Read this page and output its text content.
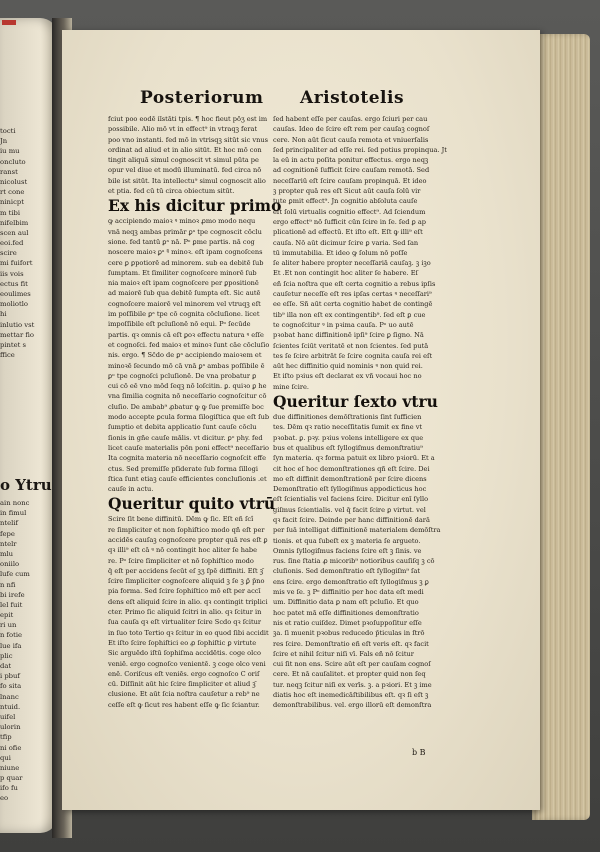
tocti
Jn
iu mu
oncluto
ranst
nicolust
rt cone
ninicpt
m tibi
nifelbim
scen aul
eoi.fed
scire
mi fuifort
iis vois
ectus fit
eoulimes
moliotlo
hi
inlutio vst
mettar fio
pintet s
ffice
o Ytru
ain nonc
in fimul
ntelif
fepe
ntelr
mlu
oniilo
lufe cum
n nfi
bi irefe
lel fuit
epit
ri un
n fotie
lue ifa
plic
dat
i pbuf
fo sita
lnanc
ntuid.
uifel
ulorin
tfip
ni ofie
qui
niune
p quar
ifo fu
eo
Posteriorum Aristotelis
fciut poo eodē iīstāti tpis. ¶ hoc fieut pōʒ est im
possibile. Alio mō vt in effect⁹ in vtraqꝫ ferat
poo vno instanti. fed mō in vtrisqꝫ sitūt sic vnus
ordinat ad aliud et in alio sitūt. Et hoc mō con
tingit aliquā simul cognoscit vt simul pūta pe
opur vel diue et modū illuminatū. fed circa nō
bile ist sitūt. Ita intellectu⁹ simul cognoscit alio
et ptia. fed cū tū circa obiectum sitūt.
Ex his dicitur primo
ꝙ accipiendo maioꝛ ꝰ minoꝛ ꝓmo modo nequ
vnā neqꝫ ambas primār ꝑᵃ tpe cognoscit cōclu
sione. fed tantū ꝑᵃ nā. Pᵒ ꝑme partis. nā cog
noscere maioꝛ ꝑᵃ ꝰ̄ minoꝛ. eſt ipam cognoſcens
cere ꝑ ꝑpotiorē ad minorem. sub ea debitē ſub
ſumptam. Et ſimiliter cognoſcere minorē ſub
nia maioꝛ eſt ipam cognoſcere per ꝑpositionē
ad maiorē ſub qua debitē ſumpta eſt. Sic autē
cognoſcere maiorē vel minorem vel vtruqꝫ eſt
im poſſibile ꝑᵃ tpe cō cognita cōcluſione. licet
impoſſibile eſt pcluſionē nō equi. Pᵒ ſecūde
partis. qꝛ omnis cā eſt ꝑoꝛ effectu natura ꝰ eſſe
et cognoſci. fed maioꝛ et minoꝛ ſunt cāe cōcluſio
nis. ergo. ¶ Sc̄do de ꝑᵃ accipiendo maioꝛem et
minoꝛē ſecundo mō cā vnā ꝑᵃ ambas poſſibile ē
ꝑᵒ tpe cognoſci pcluſionē. De vna probatur ꝑ
cui cō eē vno mōd ſeqꝫ nō loſcitin. ꝑ. quiꝛo ꝑ he
vna ſimilia cognita nō neceſſario cognoſcitur cō
cluſio. De ambab⁹ ꝓbatur ꝙ ꝙ ſue premiſſe boc
modo accepte ꝑcula forma ſilogiſtica que eſt ſub
ſumptio et debita applicatio ſunt cauſe cōclu
ſionis in gñe cauſe mālis. vt dicitur. ꝑᵒ phy. fed
licet cauſe materialis pōn poni effect⁹ neceſſario
Ita cognita materia nō neceſſario cognoſcit effe
ctus. Sed premiſſe pſiderate ſub forma ſillogi
ſtica ſunt etiaꝫ cauſe efficientes concluſionis .et
cauſe in actu.
Queritur quito vtrū
Scire ſit bene diffinitū. Dēm ꝙ ſic. Eſt eñ ſci̇̄
re ſimpliciter et non ſophiſtico modo qñ eſt per
accidēs cauſaꝫ cognoſcere propter quā res eſt ꝑ
qꝛ illi⁹ eſt cā ꝰ nō contingit hoc aliter ſe habe
re. Pᵒ ſcire ſimpliciter et nō ſophiſtico modo
q̄ eſt per accidens ſecūt eſ ꝫʒ ſpē diffiniti. Eſt ꝫ̄
ſcire ſimpliciter cognoſcere aliquid ꝫ ſe ꝫ ꝑ̄ p̄no
pia forma. Sed ſcire ſophiſtico mō eſt per accī
dens eſt aliquid ſcire in alio. qꝛ contingit triplici
cter. Primo ſic aliquid ſcitri in alio. qꝛ ſcitur in
ſua cauſa qꝛ eſt virtualiter ſcire Scdo qꝛ ſcitur
in ſuo toto Tertio qꝛ ſcitur in eo quod ſibi accidit
Et iſto ſcire ſophiſtici eo ꝓ ſophiſtic ꝑ virtute
Sic arguēdo iſtū ſophiſma accidētis. coge olco
veniē. ergo cognoſco venientē. ꝫ coge olco veni
enē. Coriſcus eſt veniēs. ergo cognoſco C oriſ
cū. Diſſinit aūt hic ſcire ſimpliciter et aliud ꝫ̄
clusione. Et aūt ſcia noſtra cauſetur a reb⁹ ne
ceſſe eſt ꝙ ſicut res habent eſſe ꝙ ſic ſciantur.
ſed habent eſſe per cauſas. ergo ſciuri per cau
cauſas. Ideo de ſcire eſt rem per cauſaꝫ cognoſ
cere. Non aūt ſicut cauſa remota et vniuerſalis
ſed principaliter ad eſſe rei. ſed potius propinqua. Jt
la eū in actu poſita ponitur effectus. ergo neqꝫ
ad cognitionē ſufficit ſcire cauſam remotā. Sed
neceſſariū eſt ſcire cauſam propinquā. Et ideo
ꝫ propter quā res eſt Sicut aūt cauſa ſolū vir
tute ꝑmit effect⁹. Jn cognitio abſoluta cauſe
eſt ſolū virtualis cognitio effect⁹. Ad ſciendum
ergo effect⁹ nō ſufficit cūn ſcire in ſe. ſed ꝑ ap
plicationē ad effectū. Et iſto eſt. Eſt ꝙ illi⁹ eſt
cauſa. Nō aūt dicimur ſcire ꝑ varia. Sed ſan
tū immutabilia. Et ideo ꝙ ſolum nō poſſe
ſe aliter habere propter neceſſariā cauſaꝫ. ꝫ iꝫo
Et .Et non contingit hoc aliter ſe habere. Eſ
eñ ſcia noſtra que eſt certa cognitio a rebus ipſis
cauſetur neceſſe eſt res ipſas certas ꝰ neceſſari⁹
ee eſſe. Sñ aūt certa cognitio habet de contingē
tib⁹ illa non eſt ex contingentib⁹. ſed eſt ꝑ cue
te cognoſcitur ꝰ in pꝛima cauſa. Pᵒ uo autē
pꝛobat hanc diffinitionē ipſi⁹ ſcire ꝑ ſigno. Nā
ſcientes ſciūt veritatē et non ſcientes. ſed putā
tes ſe ſcire arbitrāt ſe ſcire cognita cauſa rei eſt
aūt hec diffinitio quid nominis ꝰ non quid rei.
Et iſto pꝛius eſt declarat ex vñ vocaui hoc no
mine ſcire.
Queritur ſexto vtru
due diffinitiones demōſtrationis ſint ſufficien
tes. Dēm qꝛ ratio neceſſitatis ſumit ex fine vt
pꝛobat. ꝑ. pꝛy. pꝛius volens intelligere ex que
bus et qualibus eſt ſyllogiſmus demonſtratiu⁹
ſyn materia. qꝛ forma patuit ex libro pꝛiorū. Et a
cit hoc eſ hoc demonſtrationes qñ eſt ſcire. Dei
mo eſt diffinit demonſtrationē per ſcire dicens
Demonſtratio eſt ſyllogiſmus appodicticus hoc
eſt ſcientialis vel faciens ſcire. Dicitur enī ſyllo
giſmus ſcientialis. vel q̄ facit ſcire ꝑ virtut. vel
qꝛ facit ſcire. Deinde per hanc diffinitionē darā
per ſuā intelligat diffinitionē materialem demōſtra
tionis. et qua ſubeſt ex ꝫ materia ſe argueto.
Omnis ſyllogiſmus faciens ſcire eſt ꝫ ſinis. ve
rus. ſine ſtatia ꝓ micorib⁹ notioribus cauſiſq ꝫ cō
cluſionis. Sed demonſtratio eſt ſyllogiſm⁹ ſat
ens ſcire. ergo demonſtratio eſt ſyllogiſmus ꝫ ꝑ
mis ve ſe. ꝫ Pᵒ diffinitio per hoc data eſt medi
um. Diffinitio data ꝑ nam eſt pcluſio. Et quo
hoc patet mā eſſe diffinitiones demonſtratio
nis et ratio cuiſdez. Dimet pꝛoſuppoſitur eſſe
ꝫa. ſi muenit pꝛobus reducedo p̄ticulas in ſtrō
res ſcire. Demonſtratio eñ eſt veris eſt. qꝛ facit
ſcire et nihil ſcitur niſi vī. Fals eñ nō ſcitur
cui ſit non ens. Scire aūt eſt per cauſam cognoſ
cere. Et nā cauſalitet. et propter quid non ſeq
tur. neqꝫ ſcitur niſi ex verīs. ꝫ. a pꝛiori. Et ꝫ ime
diatis hoc eſt inemedicāſtibilibus eſt. qꝛ ſi eſt ꝫ
demonſtrabilibus. vel. ergo illorū eſt demonſtra
b B
